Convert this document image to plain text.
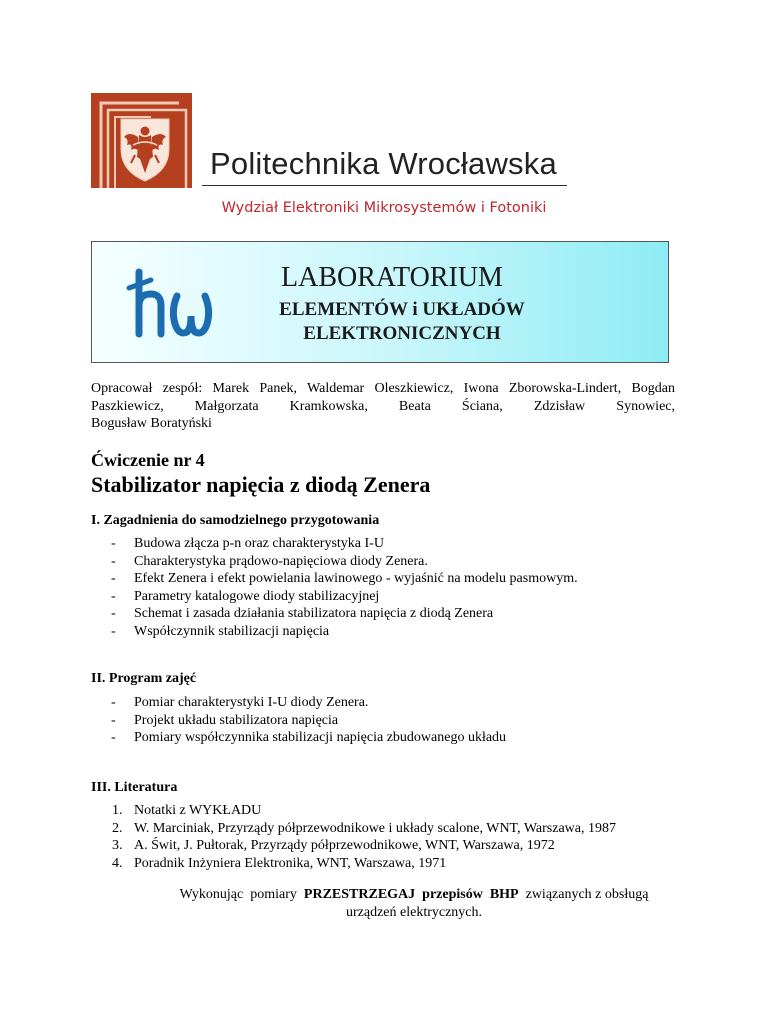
Politechnika Wrocławska
Wydział Elektroniki Mikrosystemów i Fotoniki
LABORATORIUM
ELEMENTÓW i UKŁADÓW
ELEKTRONICZNYCH
Opracował zespół: Marek Panek, Waldemar Oleszkiewicz, Iwona Zborowska-Lindert, Bogdan Paszkiewicz, Małgorzata Kramkowska, Beata Ściana, Zdzisław Synowiec,
Bogusław Boratyński
Ćwiczenie nr 4
Stabilizator napięcia z diodą Zenera
I. Zagadnienia do samodzielnego przygotowania
- Budowa złącza p-n oraz charakterystyka I-U
- Charakterystyka prądowo-napięciowa diody Zenera.
- Efekt Zenera i efekt powielania lawinowego - wyjaśnić na modelu pasmowym.
- Parametry katalogowe diody stabilizacyjnej
- Schemat i zasada działania stabilizatora napięcia z diodą Zenera
- Współczynnik stabilizacji napięcia
II. Program zajęć
- Pomiar charakterystyki I-U diody Zenera.
- Projekt układu stabilizatora napięcia
- Pomiary współczynnika stabilizacji napięcia zbudowanego układu
III. Literatura
1. Notatki z WYKŁADU
2. W. Marciniak, Przyrządy półprzewodnikowe i układy scalone, WNT, Warszawa, 1987
3. A. Świt, J. Pułtorak, Przyrządy półprzewodnikowe, WNT, Warszawa, 1972
4. Poradnik Inżyniera Elektronika, WNT, Warszawa, 1971
Wykonując  pomiary  PRZESTRZEGAJ przepisów  BHP  związanych z obsługą
urządzeń elektrycznych.
